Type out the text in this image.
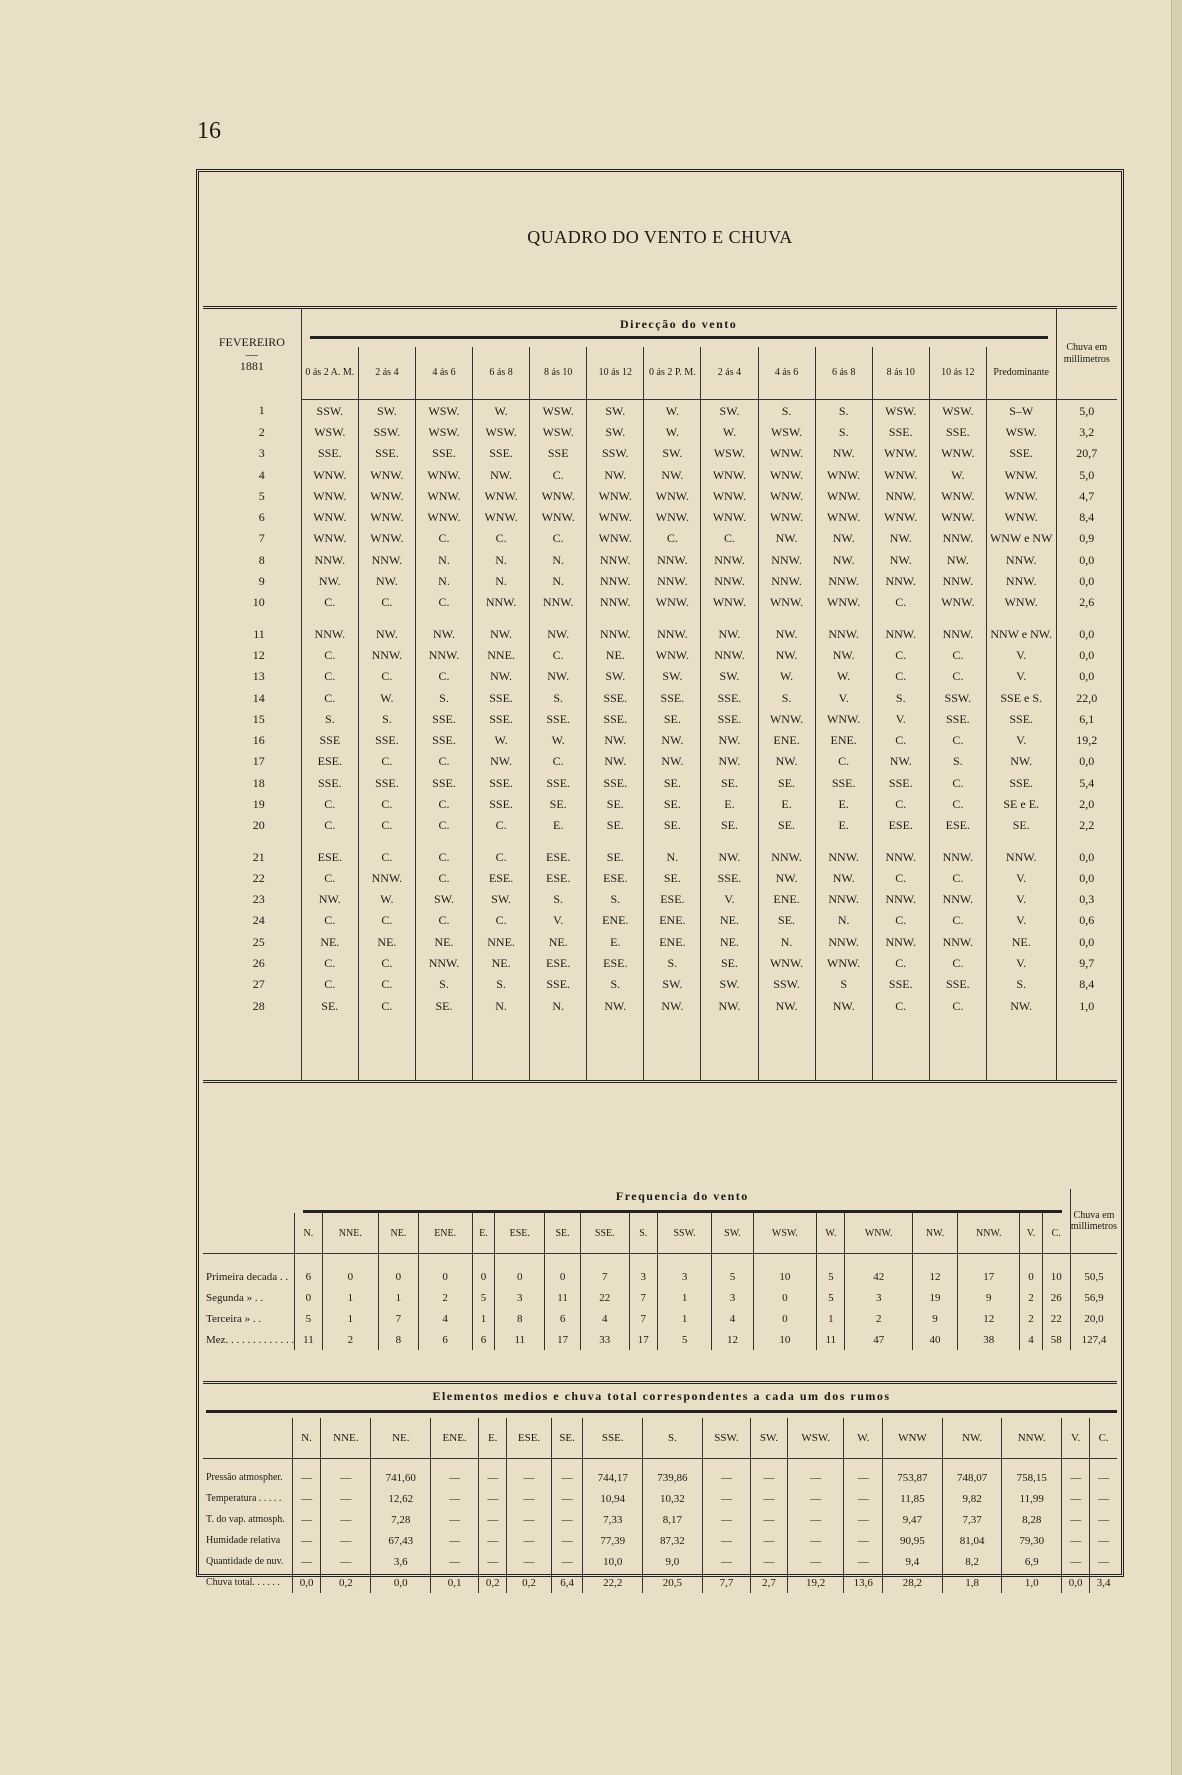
16
QUADRO DO VENTO E CHUVA
FEVEREIRO
—
1881	Direcção do vento													Chuva em millimetros
	0 ás 2 A. M.	2 ás 4	4 ás 6	6 ás 8	8 ás 10	10 ás 12	0 ás 2 P. M.	2 ás 4	4 ás 6	6 ás 8	8 ás 10	10 ás 12	Predominante	
1	SSW.	SW.	WSW.	W.	WSW.	SW.	W.	SW.	S.	S.	WSW.	WSW.	S–W	5,0
2	WSW.	SSW.	WSW.	WSW.	WSW.	SW.	W.	W.	WSW.	S.	SSE.	SSE.	WSW.	3,2
3	SSE.	SSE.	SSE.	SSE.	SSE	SSW.	SW.	WSW.	WNW.	NW.	WNW.	WNW.	SSE.	20,7
4	WNW.	WNW.	WNW.	NW.	C.	NW.	NW.	WNW.	WNW.	WNW.	WNW.	W.	WNW.	5,0
5	WNW.	WNW.	WNW.	WNW.	WNW.	WNW.	WNW.	WNW.	WNW.	WNW.	NNW.	WNW.	WNW.	4,7
6	WNW.	WNW.	WNW.	WNW.	WNW.	WNW.	WNW.	WNW.	WNW.	WNW.	WNW.	WNW.	WNW.	8,4
7	WNW.	WNW.	C.	C.	C.	WNW.	C.	C.	NW.	NW.	NW.	NNW.	WNW e NW	0,9
8	NNW.	NNW.	N.	N.	N.	NNW.	NNW.	NNW.	NNW.	NW.	NW.	NW.	NNW.	0,0
9	NW.	NW.	N.	N.	N.	NNW.	NNW.	NNW.	NNW.	NNW.	NNW.	NNW.	NNW.	0,0
10	C.	C.	C.	NNW.	NNW.	NNW.	WNW.	WNW.	WNW.	WNW.	C.	WNW.	WNW.	2,6

11	NNW.	NW.	NW.	NW.	NW.	NNW.	NNW.	NW.	NW.	NNW.	NNW.	NNW.	NNW e NW.	0,0
12	C.	NNW.	NNW.	NNE.	C.	NE.	WNW.	NNW.	NW.	NW.	C.	C.	V.	0,0
13	C.	C.	C.	NW.	NW.	SW.	SW.	SW.	W.	W.	C.	C.	V.	0,0
14	C.	W.	S.	SSE.	S.	SSE.	SSE.	SSE.	S.	V.	S.	SSW.	SSE e S.	22,0
15	S.	S.	SSE.	SSE.	SSE.	SSE.	SE.	SSE.	WNW.	WNW.	V.	SSE.	SSE.	6,1
16	SSE	SSE.	SSE.	W.	W.	NW.	NW.	NW.	ENE.	ENE.	C.	C.	V.	19,2
17	ESE.	C.	C.	NW.	C.	NW.	NW.	NW.	NW.	C.	NW.	S.	NW.	0,0
18	SSE.	SSE.	SSE.	SSE.	SSE.	SSE.	SE.	SE.	SE.	SSE.	SSE.	C.	SSE.	5,4
19	C.	C.	C.	SSE.	SE.	SE.	SE.	E.	E.	E.	C.	C.	SE e E.	2,0
20	C.	C.	C.	C.	E.	SE.	SE.	SE.	SE.	E.	ESE.	ESE.	SE.	2,2

21	ESE.	C.	C.	C.	ESE.	SE.	N.	NW.	NNW.	NNW.	NNW.	NNW.	NNW.	0,0
22	C.	NNW.	C.	ESE.	ESE.	ESE.	SE.	SSE.	NW.	NW.	C.	C.	V.	0,0
23	NW.	W.	SW.	SW.	S.	S.	ESE.	V.	ENE.	NNW.	NNW.	NNW.	V.	0,3
24	C.	C.	C.	C.	V.	ENE.	ENE.	NE.	SE.	N.	C.	C.	V.	0,6
25	NE.	NE.	NE.	NNE.	NE.	E.	ENE.	NE.	N.	NNW.	NNW.	NNW.	NE.	0,0
26	C.	C.	NNW.	NE.	ESE.	ESE.	S.	SE.	WNW.	WNW.	C.	C.	V.	9,7
27	C.	C.	S.	S.	SSE.	S.	SW.	SW.	SSW.	S	SSE.	SSE.	S.	8,4
28	SE.	C.	SE.	N.	N.	NW.	NW.	NW.	NW.	NW.	C.	C.	NW.	1,0

	Frequencia do vento																		Chuva em millimetros
	N.	NNE.	NE.	ENE.	E.	ESE.	SE.	SSE.	S.	SSW.	SW.	WSW.	W.	WNW.	NW.	NNW.	V.	C.	

Primeira decada . .	6	0	0	0	0	0	0	7	3	3	5	10	5	42	12	17	0	10	50,5
Segunda » . .	0	1	1	2	5	3	11	22	7	1	3	0	5	3	19	9	2	26	56,9
Terceira » . .	5	1	7	4	1	8	6	4	7	1	4	0	1	2	9	12	2	22	20,0
Mez. . . . . . . . . . . . .	11	2	8	6	6	11	17	33	17	5	12	10	11	47	40	38	4	58	127,4
Elementos medios e chuva total correspondentes a cada um dos rumos																		

	N.	NNE.	NE.	ENE.	E.	ESE.	SE.	SSE.	S.	SSW.	SW.	WSW.	W.	WNW	NW.	NNW.	V.	C.

Pressão atmospher.	—	—	741,60	—	—	—	—	744,17	739,86	—	—	—	—	753,87	748,07	758,15	—	—
Temperatura . . . . .	—	—	12,62	—	—	—	—	10,94	10,32	—	—	—	—	11,85	9,82	11,99	—	—
T. do vap. atmosph.	—	—	7,28	—	—	—	—	7,33	8,17	—	—	—	—	9,47	7,37	8,28	—	—
Humidade relativa	—	—	67,43	—	—	—	—	77,39	87,32	—	—	—	—	90,95	81,04	79,30	—	—
Quantidade de nuv.	—	—	3,6	—	—	—	—	10,0	9,0	—	—	—	—	9,4	8,2	6,9	—	—
Chuva total. . . . . .	0,0	0,2	0,0	0,1	0,2	0,2	6,4	22,2	20,5	7,7	2,7	19,2	13,6	28,2	1,8	1,0	0,0	3,4
